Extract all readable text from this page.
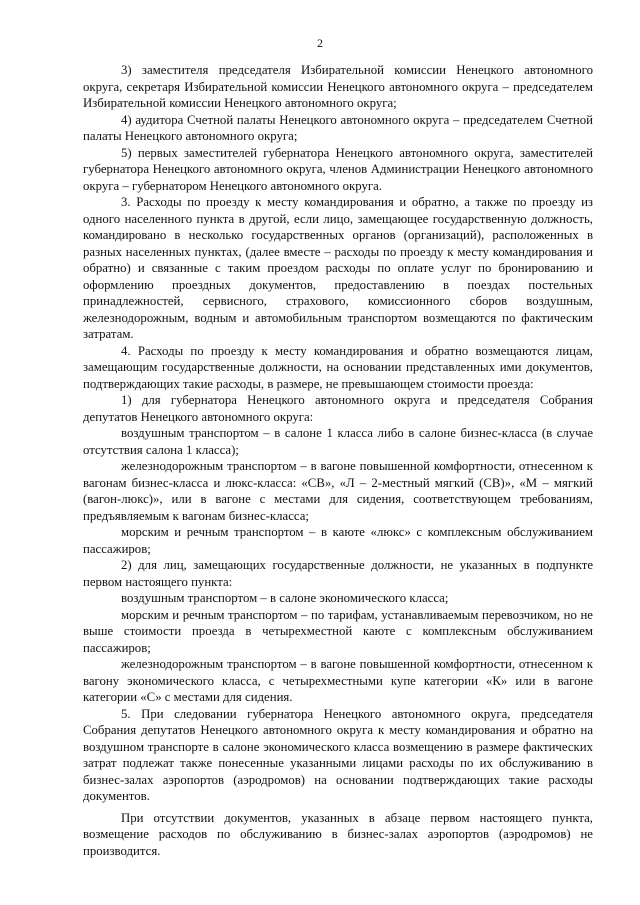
2

3) заместителя председателя Избирательной комиссии Ненецкого автономного округа, секретаря Избирательной комиссии Ненецкого автономного округа – председателем Избирательной комиссии Ненецкого автономного округа;

4) аудитора Счетной палаты Ненецкого автономного округа – председателем Счетной палаты Ненецкого автономного округа;

5) первых заместителей губернатора Ненецкого автономного округа, заместителей губернатора Ненецкого автономного округа, членов Администрации Ненецкого автономного округа – губернатором Ненецкого автономного округа.

3. Расходы по проезду к месту командирования и обратно, а также по проезду из одного населенного пункта в другой, если лицо, замещающее государственную должность, командировано в несколько государственных органов (организаций), расположенных в разных населенных пунктах, (далее вместе – расходы по проезду к месту командирования и обратно) и связанные с таким проездом расходы по оплате услуг по бронированию и оформлению проездных документов, предоставлению в поездах постельных принадлежностей, сервисного, страхового, комиссионного сборов воздушным, железнодорожным, водным и автомобильным транспортом возмещаются по фактическим затратам.

4. Расходы по проезду к месту командирования и обратно возмещаются лицам, замещающим государственные должности, на основании представленных ими документов, подтверждающих такие расходы, в размере, не превышающем стоимости проезда:

1) для губернатора Ненецкого автономного округа и председателя Собрания депутатов Ненецкого автономного округа:

воздушным транспортом – в салоне 1 класса либо в салоне бизнес-класса (в случае отсутствия салона 1 класса);

железнодорожным транспортом – в вагоне повышенной комфортности, отнесенном к вагонам бизнес-класса и люкс-класса: «СВ», «Л – 2-местный мягкий (СВ)», «М – мягкий (вагон-люкс)», или в вагоне с местами для сидения, соответствующем требованиям, предъявляемым к вагонам бизнес-класса;

морским и речным транспортом – в каюте «люкс» с комплексным обслуживанием пассажиров;

2) для лиц, замещающих государственные должности, не указанных в подпункте первом настоящего пункта:

воздушным транспортом – в салоне экономического класса;

морским и речным транспортом – по тарифам, устанавливаемым перевозчиком, но не выше стоимости проезда в четырехместной каюте с комплексным обслуживанием пассажиров;

железнодорожным транспортом – в вагоне повышенной комфортности, отнесенном к вагону экономического класса, с четырехместными купе категории «К» или в вагоне категории «С» с местами для сидения.

5. При следовании губернатора Ненецкого автономного округа, председателя Собрания депутатов Ненецкого автономного округа к месту командирования и обратно на воздушном транспорте в салоне экономического класса возмещению в размере фактических затрат подлежат также понесенные указанными лицами расходы по их обслуживанию в бизнес-залах аэропортов (аэродромов) на основании подтверждающих такие расходы документов.

При отсутствии документов, указанных в абзаце первом настоящего пункта, возмещение расходов по обслуживанию в бизнес-залах аэропортов (аэродромов) не производится.
